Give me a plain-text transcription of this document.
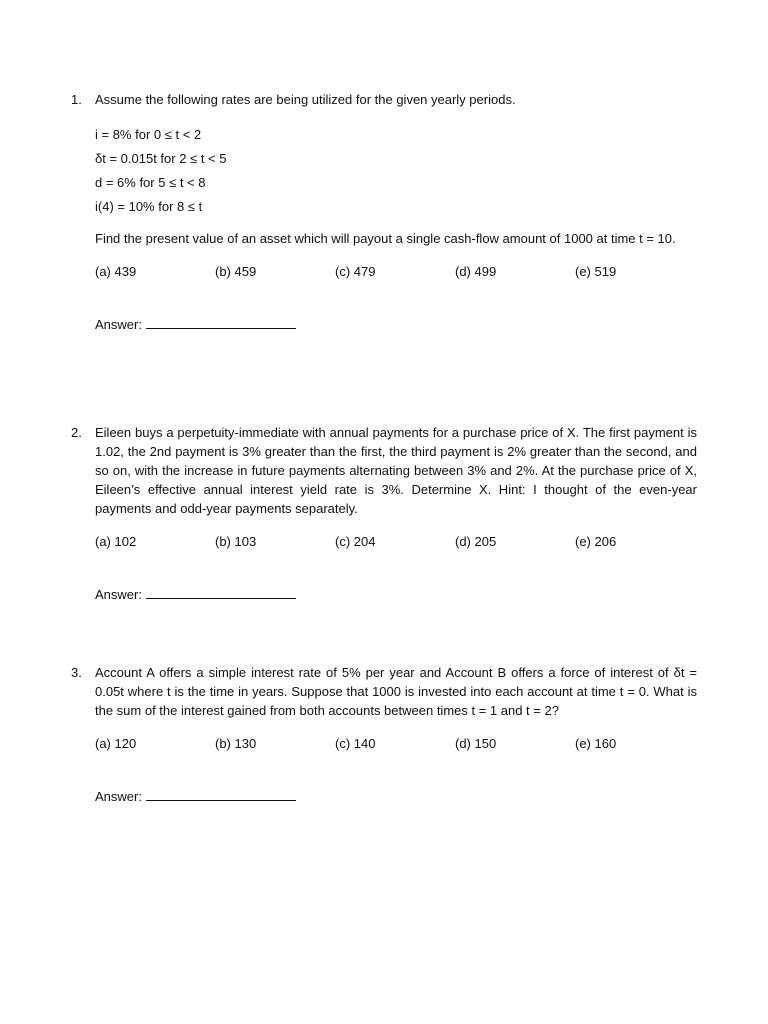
1.	Assume the following rates are being utilized for the given yearly periods.
i = 8% for 0 ≤ t < 2
δt = 0.015t for 2 ≤ t < 5
d = 6% for 5 ≤ t < 8
i(4) = 10% for 8 ≤ t
Find the present value of an asset which will payout a single cash-flow amount of 1000 at time t = 10.
(a) 439	(b) 459	(c) 479	(d) 499	(e) 519
Answer:
2.	Eileen buys a perpetuity-immediate with annual payments for a purchase price of X. The first payment is 1.02, the 2nd payment is 3% greater than the first, the third payment is 2% greater than the second, and so on, with the increase in future payments alternating between 3% and 2%. At the purchase price of X, Eileen’s effective annual interest yield rate is 3%. Determine X. Hint: I thought of the even-year payments and odd-year payments separately.
(a) 102	(b) 103	(c) 204	(d) 205	(e) 206
Answer:
3.	Account A offers a simple interest rate of 5% per year and Account B offers a force of interest of δt = 0.05t where t is the time in years. Suppose that 1000 is invested into each account at time t = 0. What is the sum of the interest gained from both accounts between times t = 1 and t = 2?
(a) 120	(b) 130	(c) 140	(d) 150	(e) 160
Answer:
